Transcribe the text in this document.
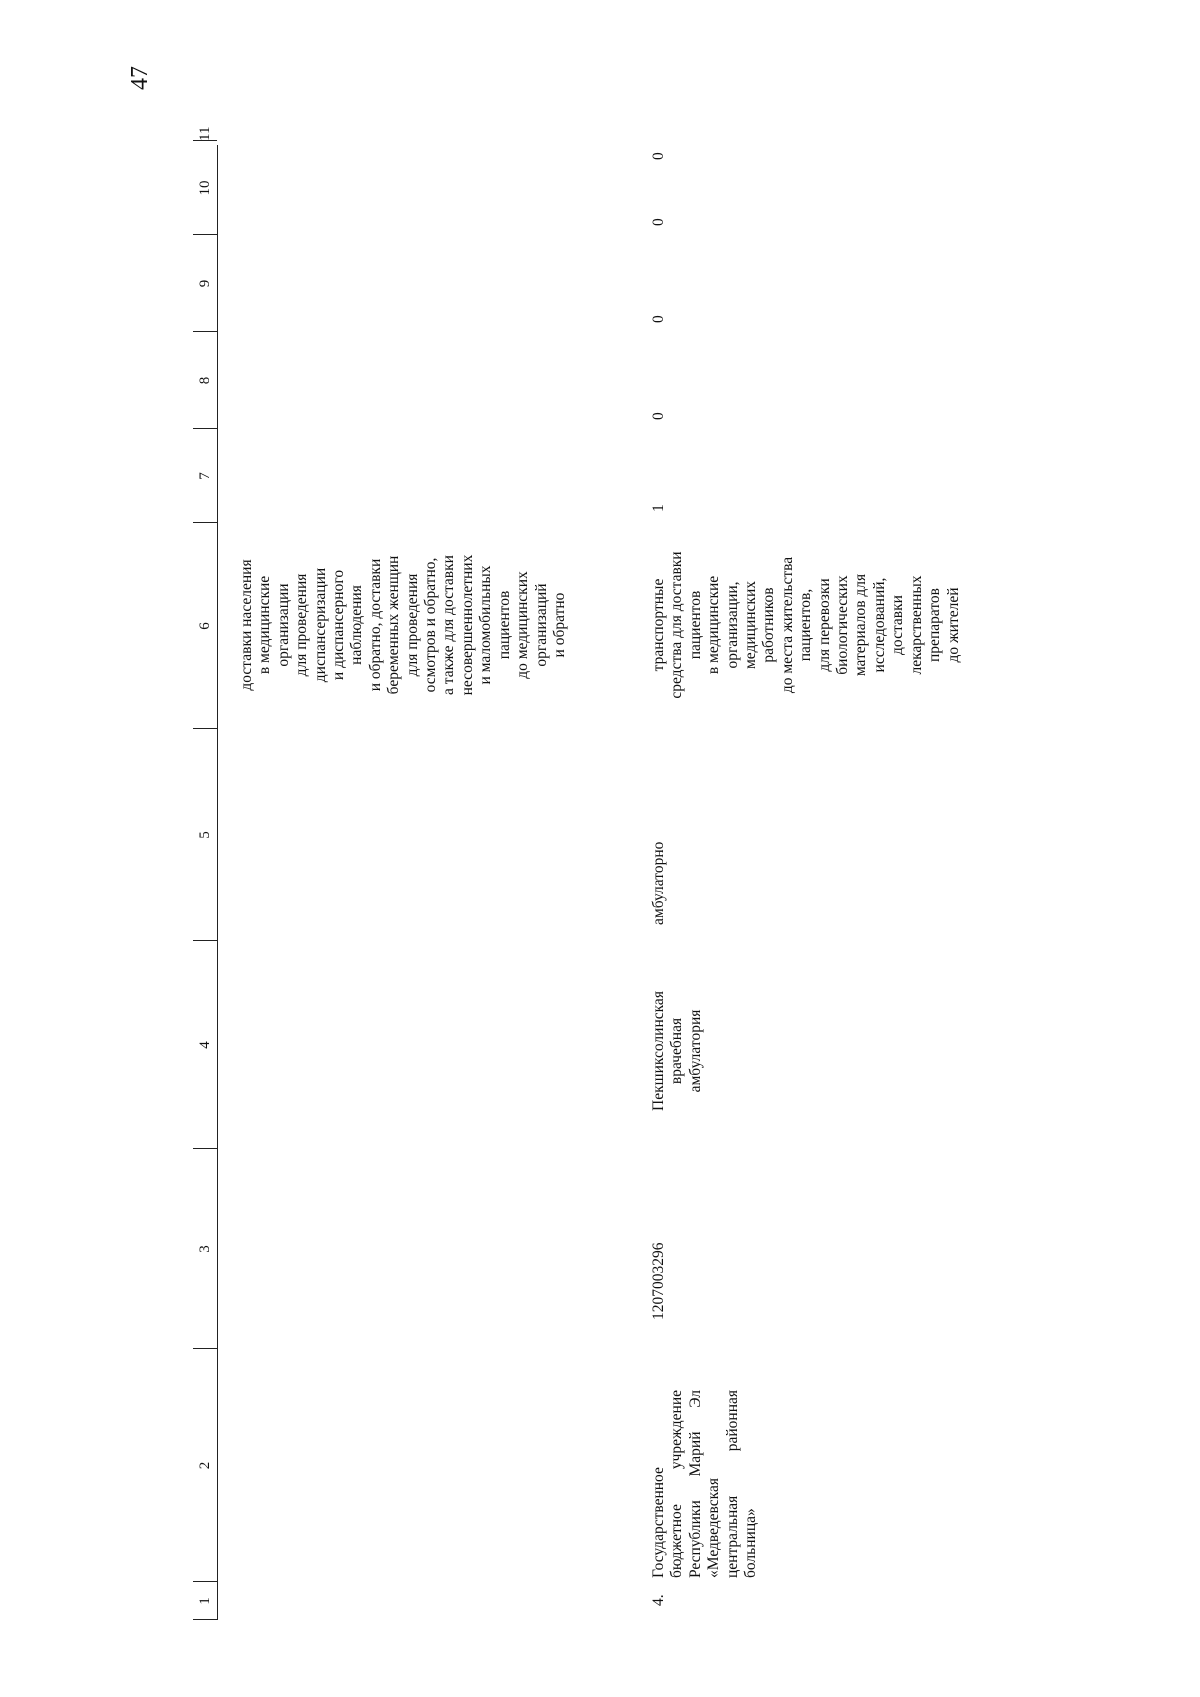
47
1
2
3
4
5
6
7
8
9
10
11
доставки населения в медицинские организации для проведения диспансеризации и диспансерного наблюдения и обратно, доставки беременных женщин для проведения осмотров и обратно, а также для доставки несовершеннолетних и маломобильных пациентов до медицинских организаций и обратно
4.
Государственное бюджетное
учреждение
Республики
Марий
Эл
«Медведевская центральная
районная
больница»
1207003296
Пекшиксолинская врачебная амбулатория
амбулаторно
транспортные средства для доставки пациентов в медицинские организации, медицинских работников до места жительства пациентов, для перевозки биологических материалов для исследований, доставки лекарственных препаратов до жителей
1
0
0
0
0
